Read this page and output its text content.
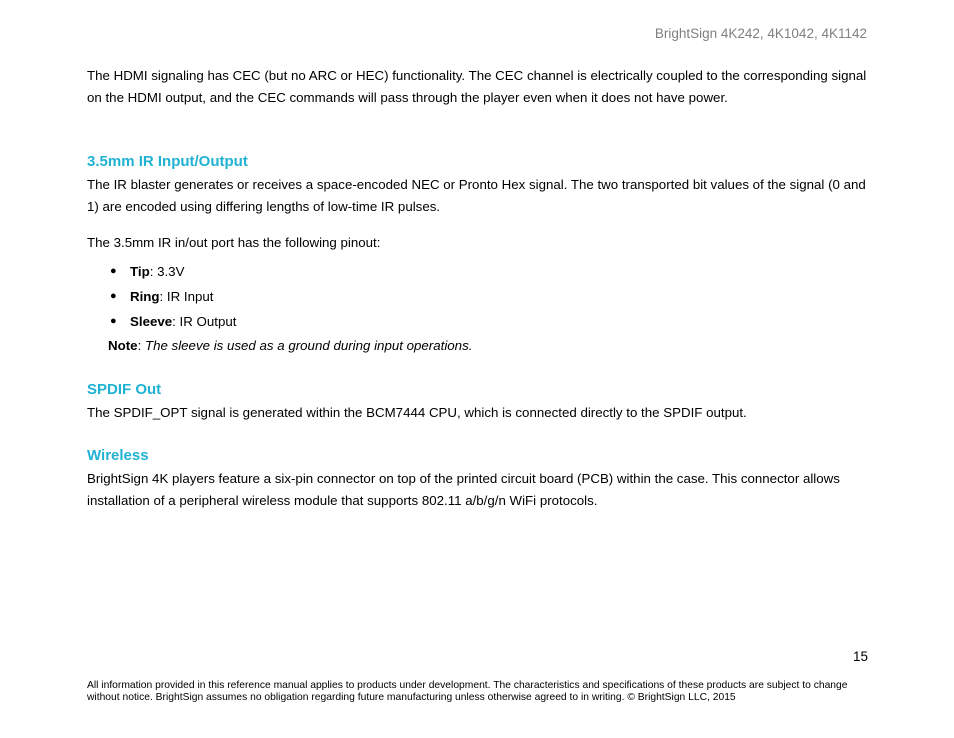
BrightSign 4K242, 4K1042, 4K1142

The HDMI signaling has CEC (but no ARC or HEC) functionality. The CEC channel is electrically coupled to the corresponding signal on the HDMI output, and the CEC commands will pass through the player even when it does not have power.

3.5mm IR Input/Output

The IR blaster generates or receives a space-encoded NEC or Pronto Hex signal. The two transported bit values of the signal (0 and 1) are encoded using differing lengths of low-time IR pulses.

The 3.5mm IR in/out port has the following pinout:

● Tip: 3.3V
● Ring: IR Input
● Sleeve: IR Output
Note: The sleeve is used as a ground during input operations.
SPDIF Out

The SPDIF_OPT signal is generated within the BCM7444 CPU, which is connected directly to the SPDIF output.

Wireless

BrightSign 4K players feature a six-pin connector on top of the printed circuit board (PCB) within the case. This connector allows installation of a peripheral wireless module that supports 802.11 a/b/g/n WiFi protocols.

15
All information provided in this reference manual applies to products under development. The characteristics and specifications of these products are subject to change without notice. BrightSign assumes no obligation regarding future manufacturing unless otherwise agreed to in writing. © BrightSign LLC, 2015
